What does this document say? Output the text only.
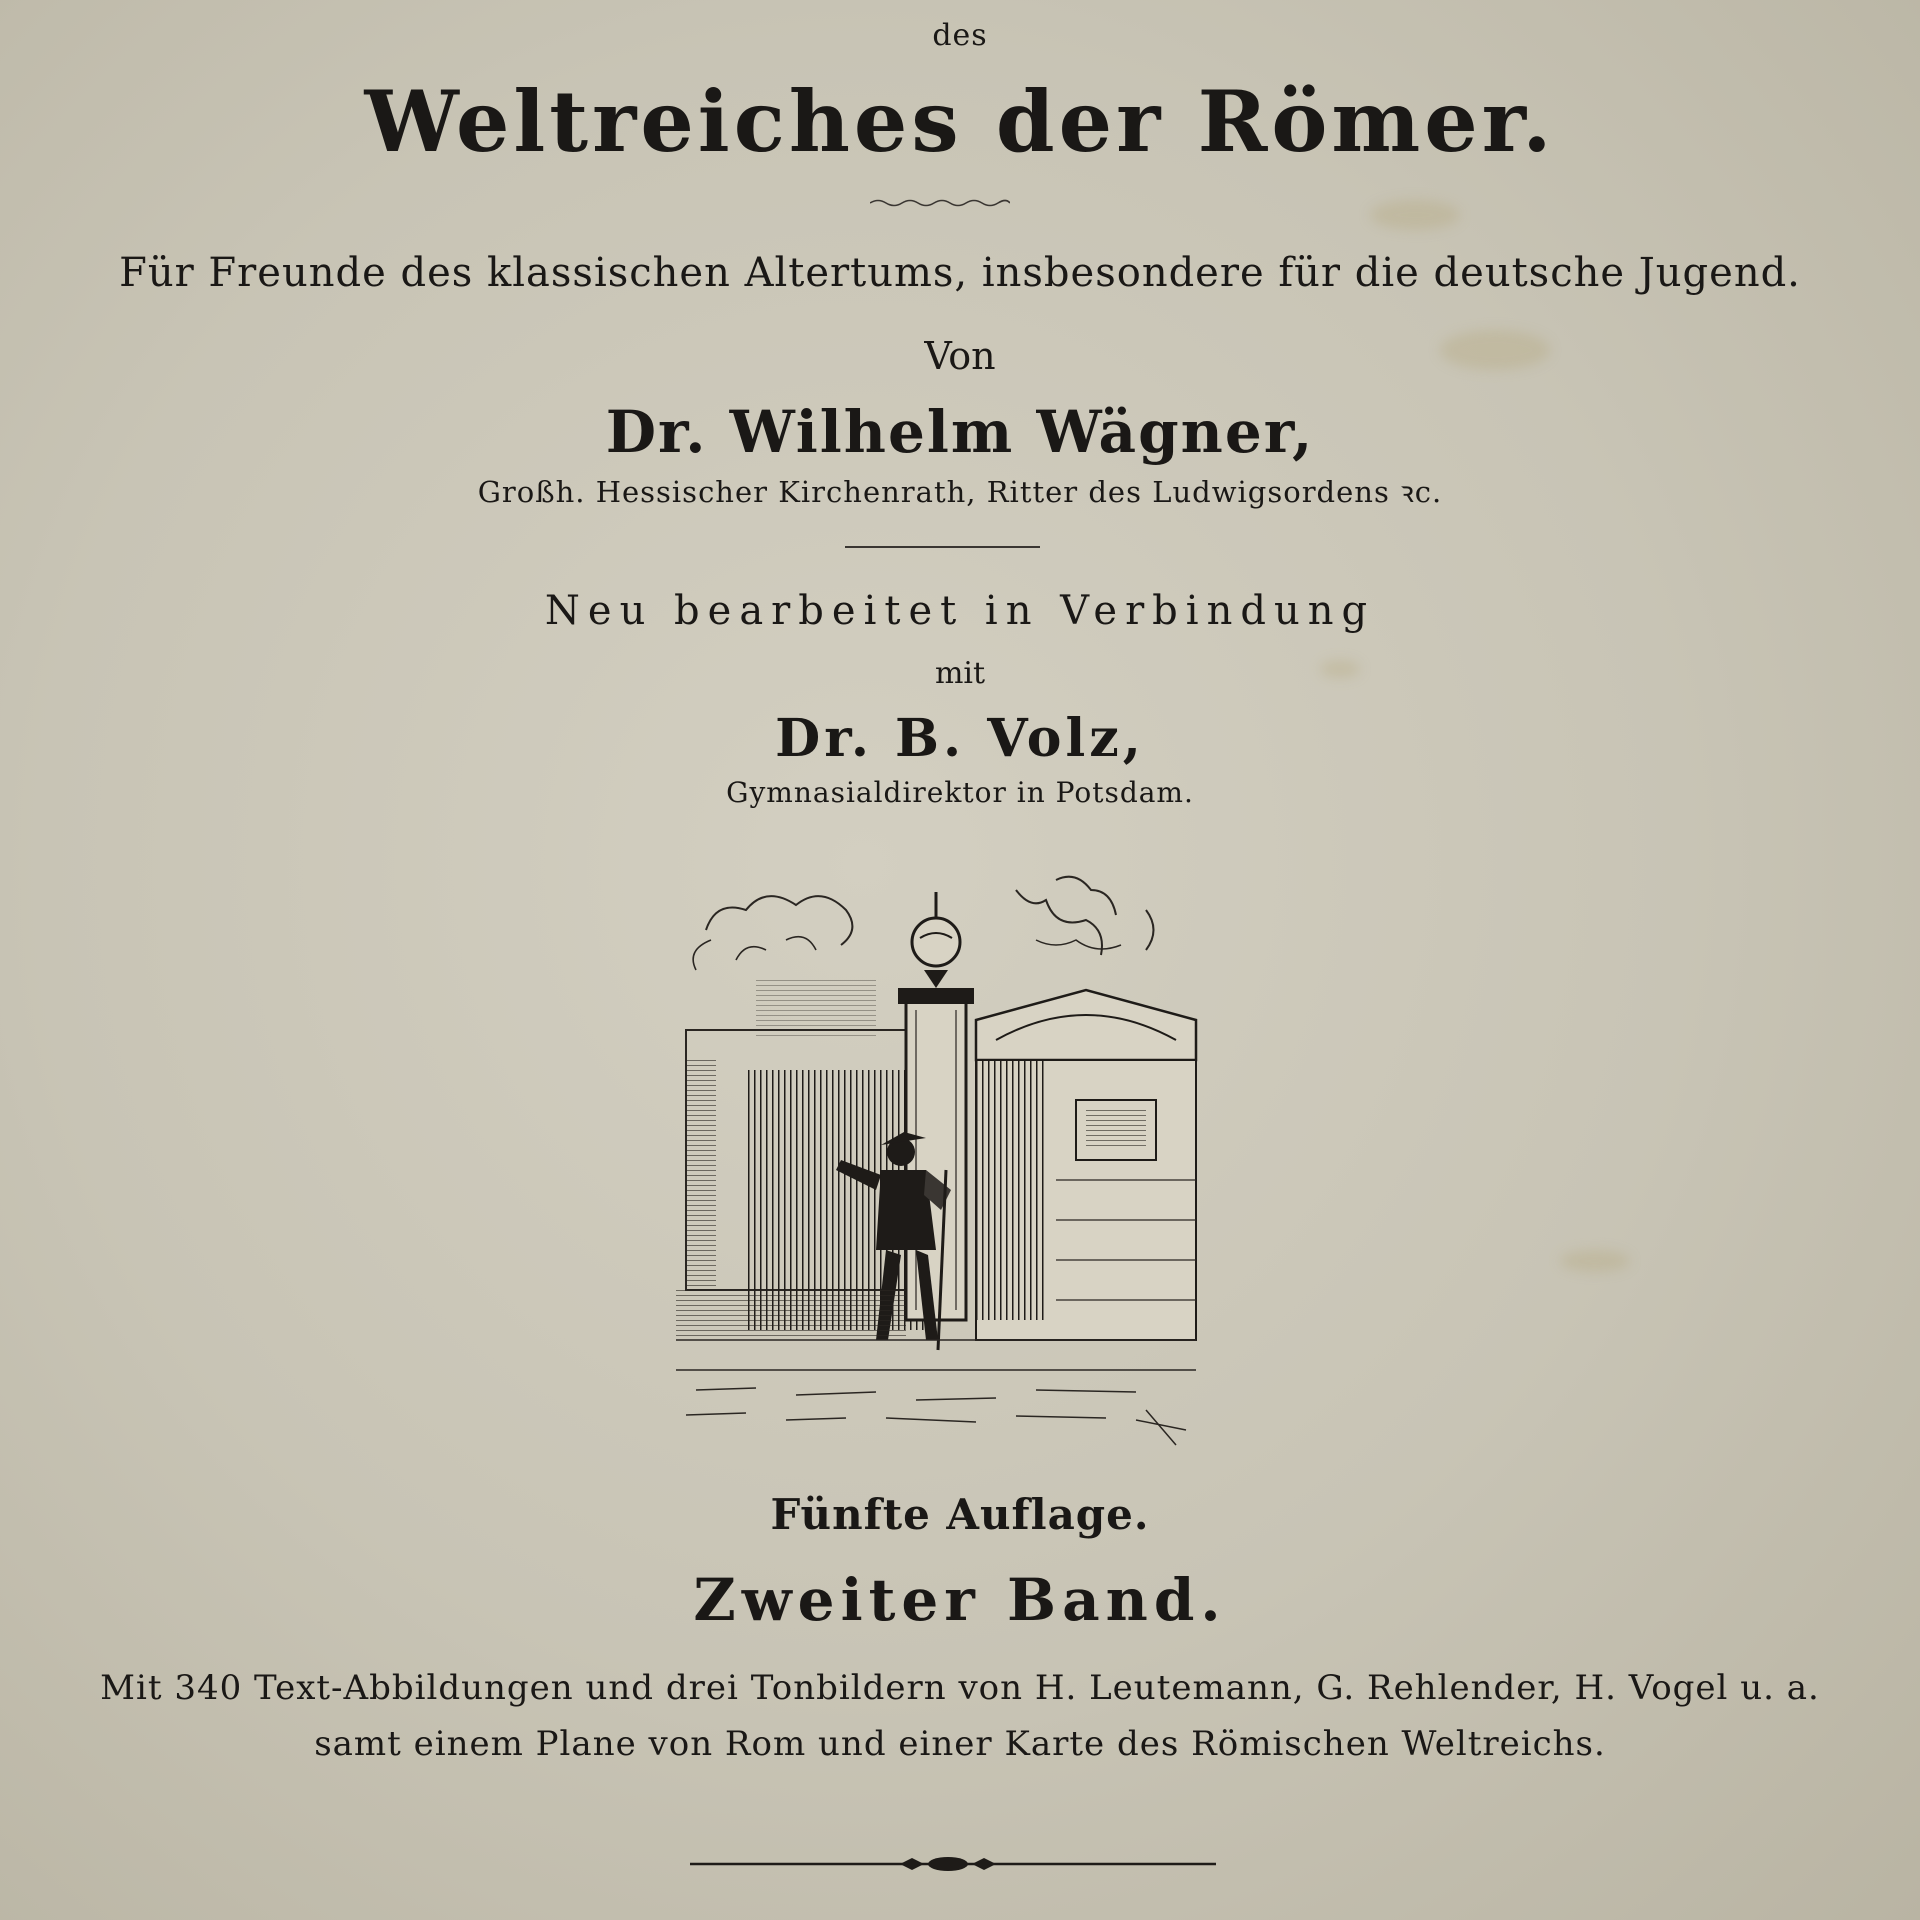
des
Weltreiches der Römer.
Für Freunde des klassischen Altertums, insbesondere für die deutsche Jugend.
Von
Dr. Wilhelm Wägner,
Großh. Hessischer Kirchenrath, Ritter des Ludwigsordens ꝛc.
Neu bearbeitet in Verbindung
mit
Dr. B. Volz,
Gymnasialdirektor in Potsdam.
Fünfte Auflage.
Zweiter Band.
Mit 340 Text-Abbildungen und drei Tonbildern von H. Leutemann, G. Rehlender, H. Vogel u. a.
samt einem Plane von Rom und einer Karte des Römischen Weltreichs.
